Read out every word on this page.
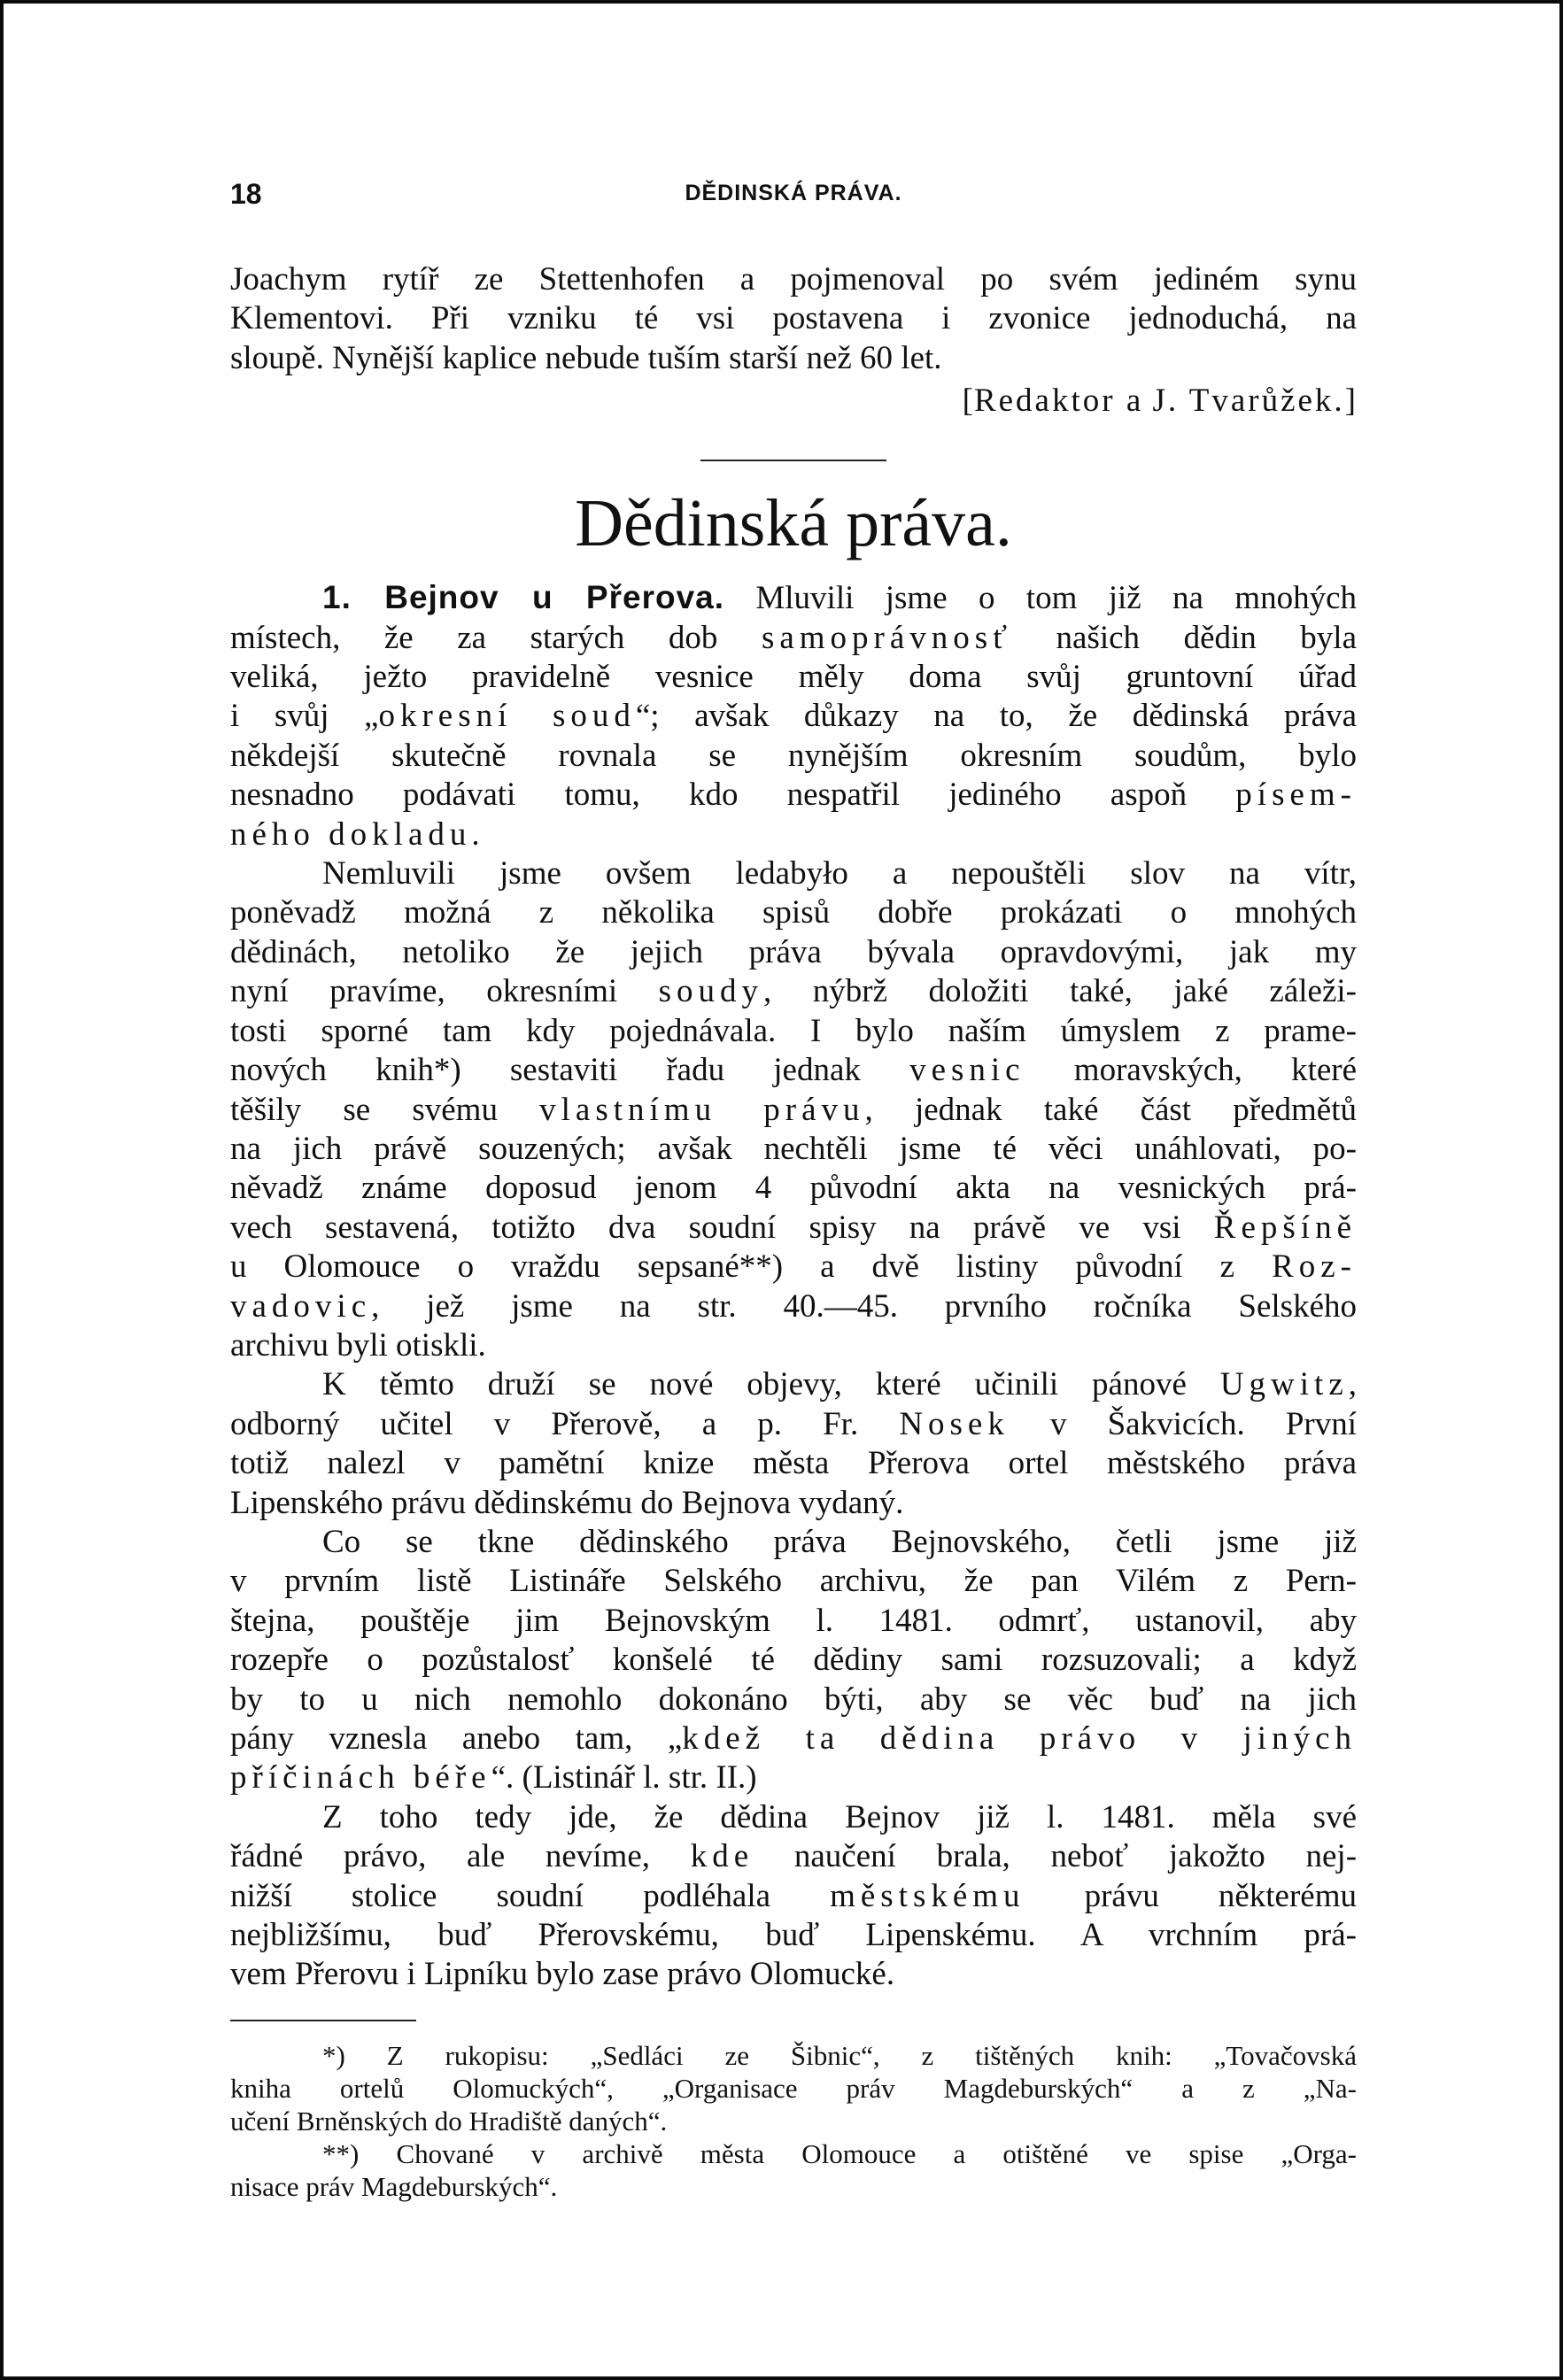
18	DĚDINSKÁ PRÁVA.

Joachym rytíř ze Stettenhofen a pojmenoval po svém jediném synu
Klementovi. Při vzniku té vsi postavena i zvonice jednoduchá, na
sloupě. Nynější kaplice nebude tuším starší než 60 let.

[Redaktor a J. Tvarůžek.]

Dědinská práva.

1. Bejnov u Přerova. Mluvili jsme o tom již na mnohých
místech, že za starých dob samoprávnosť našich dědin byla
veliká, ježto pravidelně vesnice měly doma svůj gruntovní úřad
i svůj „okresní soud“; avšak důkazy na to, že dědinská práva
někdejší skutečně rovnala se nynějším okresním soudům, bylo
nesnadno podávati tomu, kdo nespatřil jediného aspoň písem-
ného dokladu.

Nemluvili jsme ovšem ledabyło a nepouštěli slov na vítr,
poněvadž možná z několika spisů dobře prokázati o mnohých
dědinách, netoliko že jejich práva bývala opravdovými, jak my
nyní pravíme, okresními soudy, nýbrž doložiti také, jaké záleži-
tosti sporné tam kdy pojednávala. I bylo naším úmyslem z prame-
nových knih*) sestaviti řadu jednak vesnic moravských, které
těšily se svému vlastnímu právu, jednak také část předmětů
na jich právě souzených; avšak nechtěli jsme té věci unáhlovati, po-
něvadž známe doposud jenom 4 původní akta na vesnických prá-
vech sestavená, totižto dva soudní spisy na právě ve vsi Řepšíně
u Olomouce o vraždu sepsané**) a dvě listiny původní z Roz-
vadovic, jež jsme na str. 40.—45. prvního ročníka Selského
archivu byli otiskli.

K těmto druží se nové objevy, které učinili pánové Ugwitz,
odborný učitel v Přerově, a p. Fr. Nosek v Šakvicích. První
totiž nalezl v pamětní knize města Přerova ortel městského práva
Lipenského právu dědinskému do Bejnova vydaný.

Co se tkne dědinského práva Bejnovského, četli jsme již
v prvním listě Listináře Selského archivu, že pan Vilém z Pern-
štejna, pouštěje jim Bejnovským l. 1481. odmrť, ustanovil, aby
rozepře o pozůstalosť konšelé té dědiny sami rozsuzovali; a když
by to u nich nemohlo dokonáno býti, aby se věc buď na jich
pány vznesla anebo tam, „kdež ta dědina právo v jiných
příčinách béře“. (Listinář l. str. II.)

Z toho tedy jde, že dědina Bejnov již l. 1481. měla své
řádné právo, ale nevíme, kde naučení brala, neboť jakožto nej-
nižší stolice soudní podléhala městskému právu některému
nejbližšímu, buď Přerovskému, buď Lipenskému. A vrchním prá-
vem Přerovu i Lipníku bylo zase právo Olomucké.

*) Z rukopisu: „Sedláci ze Šibnic“, z tištěných knih: „Tovačovská
kniha ortelů Olomuckých“, „Organisace práv Magdeburských“ a z „Na-
učení Brněnských do Hradiště daných“.

**) Chované v archivě města Olomouce a otištěné ve spise „Orga-
nisace práv Magdeburských“.
